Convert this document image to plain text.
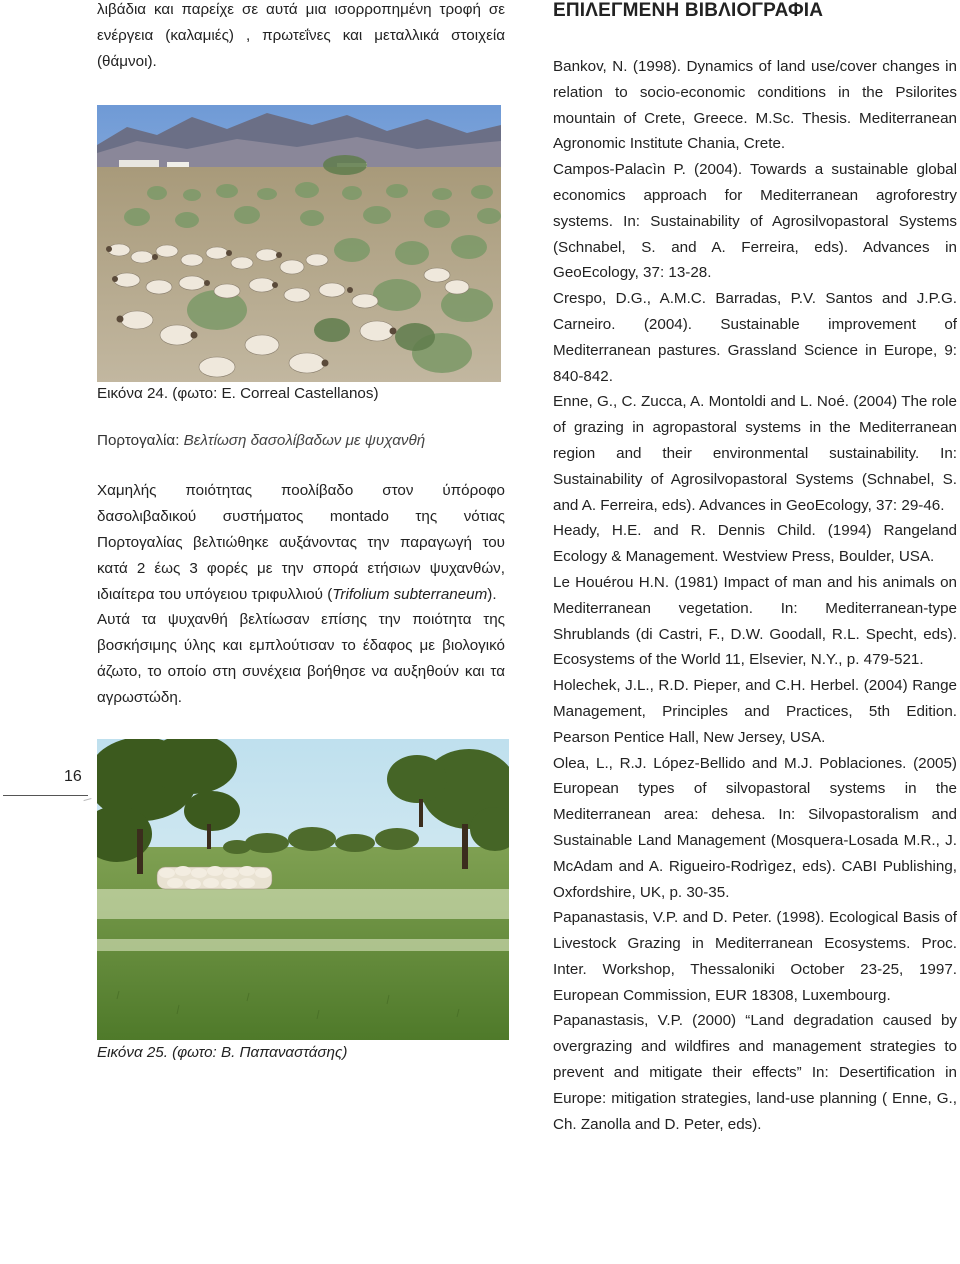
16
λιβάδια και παρείχε σε αυτά μια ισορροπημένη τροφή σε ενέργεια (καλαμιές) , πρωτεΐνες και μεταλλικά στοιχεία (θάμνοι).
Εικόνα 24. (φωτο: Ε. Correal Castellanos)
Πορτογαλία: Βελτίωση δασολίβαδων με ψυχανθή
Χαμηλής ποιότητας ποολίβαδο στον ύπόροφο δασολιβαδικού συστήματος montado της νότιας Πορτογαλίας βελτιώθηκε αυξάνοντας την παραγωγή του κατά 2 έως 3 φορές με την σπορά ετήσιων ψυχανθών, ιδιαίτερα του υπόγειου τριφυλλιού (Trifolium subterraneum).
Αυτά τα ψυχανθή βελτίωσαν επίσης την ποιότητα της βοσκήσιμης ύλης και εμπλούτισαν το έδαφος με βιολογικό άζωτο, το οποίο στη συνέχεια βοήθησε να αυξηθούν και τα αγρωστώδη.
Εικόνα 25. (φωτο: Β. Παπαναστάσης)
ΕΠΙΛΕΓΜΕΝΗ ΒΙΒΛΙΟΓΡΑΦΙΑ

Bankov, N. (1998). Dynamics of land use/cover changes in relation to socio-economic conditions in the Psilorites mountain of Crete, Greece. M.Sc. Thesis. Mediterranean Agronomic Institute Chania, Crete.

Campos-Palacìn P. (2004). Towards a sustainable global economics approach for Mediterranean agroforestry systems. In: Sustainability of Agrosilvopastoral Systems (Schnabel, S. and A. Ferreira, eds). Advances in GeoEcology, 37: 13-28.

Crespo, D.G., A.M.C. Barradas, P.V. Santos and J.P.G. Carneiro. (2004). Sustainable improvement of Mediterranean pastures. Grassland Science in Europe, 9: 840-842.

Enne, G., C. Zucca, A. Montoldi and L. Noé. (2004) The role of grazing in agropastoral systems in the Mediterranean region and their environmental sustainability. In: Sustainability of Agrosilvopastoral Systems (Schnabel, S. and A. Ferreira, eds). Advances in GeoEcology, 37: 29-46.

Heady, H.E. and R. Dennis Child. (1994) Rangeland Ecology & Management. Westview Press, Boulder, USA.

Le Houérou H.N. (1981) Impact of man and his animals on Mediterranean vegetation. In: Mediterranean-type Shrublands (di Castri, F., D.W. Goodall, R.L. Specht, eds). Ecosystems of the World 11, Elsevier, N.Y., p. 479-521.

Holechek, J.L., R.D. Pieper, and C.H. Herbel. (2004) Range Management, Principles and Practices, 5th Edition. Pearson Pentice Hall, New Jersey, USA.

Olea, L., R.J. López-Bellido and M.J. Poblaciones. (2005) European types of silvopastoral systems in the Mediterranean area: dehesa. In: Silvopastoralism and Sustainable Land Management (Mosquera-Losada M.R., J. McAdam and A. Rigueiro-Rodrìgez, eds). CABI Publishing, Oxfordshire, UK, p. 30-35.

Papanastasis, V.P. and D. Peter. (1998). Ecological Basis of Livestock Grazing in Mediterranean Ecosystems. Proc. Inter. Workshop, Thessaloniki October 23-25, 1997. European Commission, EUR 18308, Luxembourg.

Papanastasis, V.P. (2000) “Land degradation caused by overgrazing and wildfires and management strategies to prevent and mitigate their effects” In: Desertification in Europe: mitigation strategies, land-use planning ( Enne, G., Ch. Zanolla and D. Peter, eds).
